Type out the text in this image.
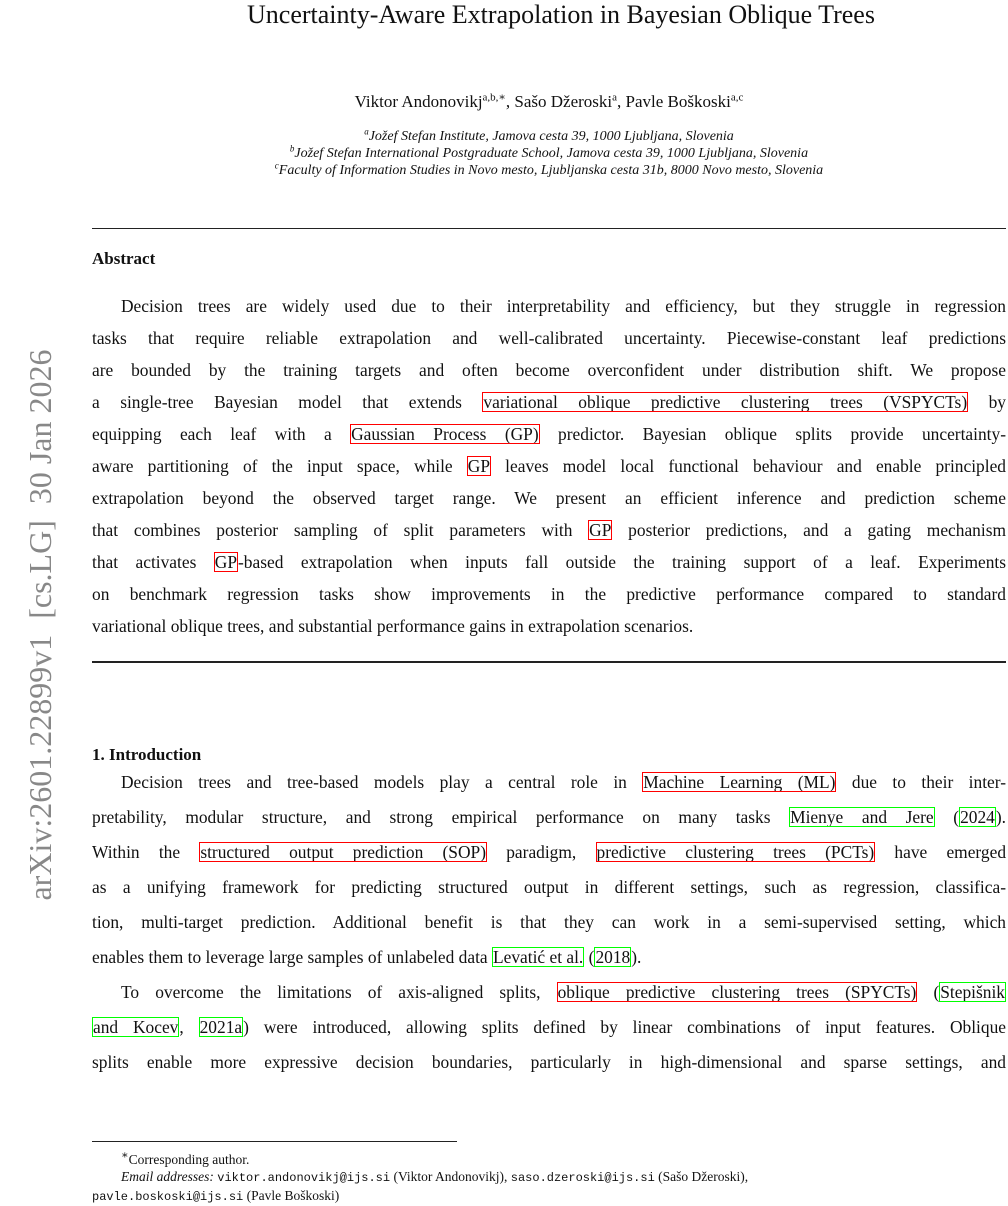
arXiv:2601.22899v1  [cs.LG]  30 Jan 2026
Uncertainty-Aware Extrapolation in Bayesian Oblique Trees
Viktor Andonovikj$^{a,b,∗}$, Sašo Džeroski$^a$, Pavle Boškoski$^{a,c}$
$^a$Jožef Stefan Institute, Jamova cesta 39, 1000 Ljubljana, Slovenia
$^b$Jožef Stefan International Postgraduate School, Jamova cesta 39, 1000 Ljubljana, Slovenia
$^c$Faculty of Information Studies in Novo mesto, Ljubljanska cesta 31b, 8000 Novo mesto, Slovenia
Abstract
Decision trees are widely used due to their interpretability and efficiency, but they struggle in regression
tasks that require reliable extrapolation and well-calibrated uncertainty. Piecewise-constant leaf predictions
are bounded by the training targets and often become overconfident under distribution shift. We propose
a single-tree Bayesian model that extends variational oblique predictive clustering trees (VSPYCTs) by
equipping each leaf with a Gaussian Process (GP) predictor. Bayesian oblique splits provide uncertainty-
aware partitioning of the input space, while GP leaves model local functional behaviour and enable principled
extrapolation beyond the observed target range. We present an efficient inference and prediction scheme
that combines posterior sampling of split parameters with GP posterior predictions, and a gating mechanism
that activates GP-based extrapolation when inputs fall outside the training support of a leaf. Experiments
on benchmark regression tasks show improvements in the predictive performance compared to standard
variational oblique trees, and substantial performance gains in extrapolation scenarios.
1. Introduction
Decision trees and tree-based models play a central role in Machine Learning (ML) due to their inter-
pretability, modular structure, and strong empirical performance on many tasks Mienye and Jere (2024).
Within the structured output prediction (SOP) paradigm, predictive clustering trees (PCTs) have emerged
as a unifying framework for predicting structured output in different settings, such as regression, classifica-
tion, multi-target prediction. Additional benefit is that they can work in a semi-supervised setting, which
enables them to leverage large samples of unlabeled data Levatić et al. (2018).
To overcome the limitations of axis-aligned splits, oblique predictive clustering trees (SPYCTs) (Stepišnik
and Kocev, 2021a) were introduced, allowing splits defined by linear combinations of input features. Oblique
splits enable more expressive decision boundaries, particularly in high-dimensional and sparse settings, and
∗Corresponding author.
Email addresses: viktor.andonovikj@ijs.si (Viktor Andonovikj), saso.dzeroski@ijs.si (Sašo Džeroski),
pavle.boskoski@ijs.si (Pavle Boškoski)
